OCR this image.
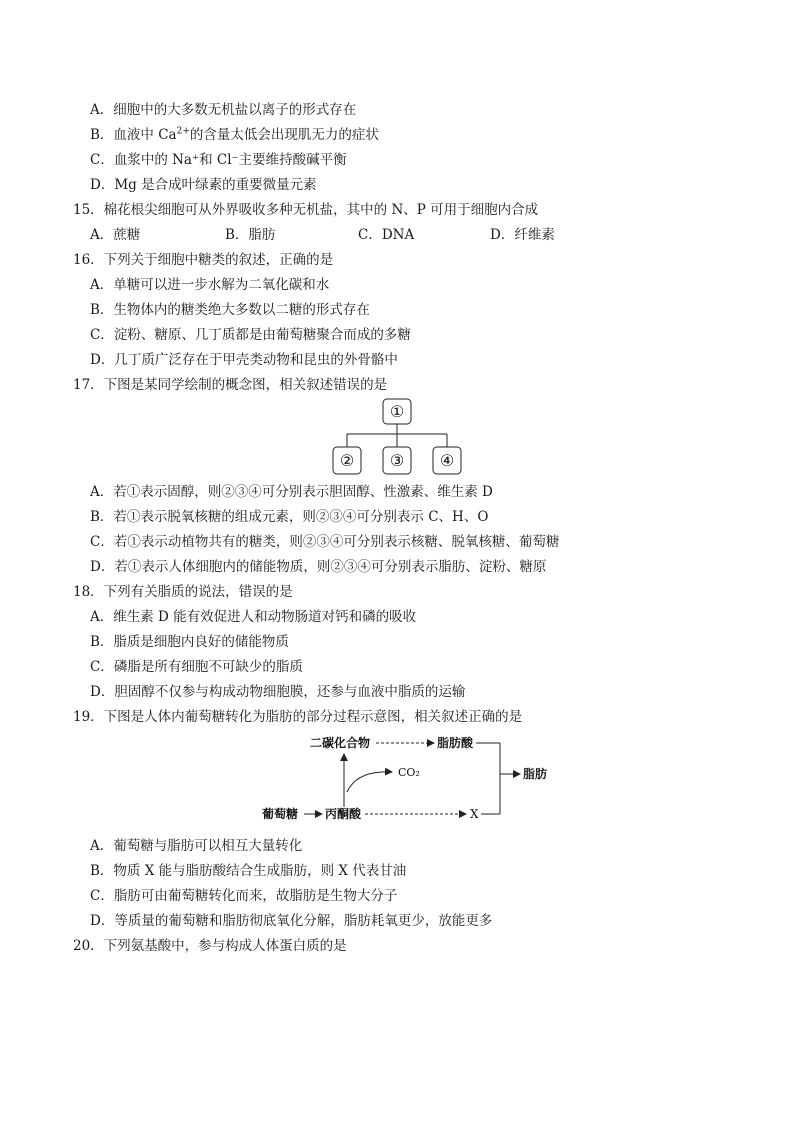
A．细胞中的大多数无机盐以离子的形式存在
B．血液中 $Ca^{2+}$的含量太低会出现肌无力的症状
C．血浆中的 Na⁺和 Cl⁻主要维持酸碱平衡
D．Mg 是合成叶绿素的重要微量元素
15．棉花根尖细胞可从外界吸收多种无机盐，其中的 N、P 可用于细胞内合成
A．蔗糖	B．脂肪	C．DNA	D．纤维素
16．下列关于细胞中糖类的叙述，正确的是
A．单糖可以进一步水解为二氧化碳和水
B．生物体内的糖类绝大多数以二糖的形式存在
C．淀粉、糖原、几丁质都是由葡萄糖聚合而成的多糖
D．几丁质广泛存在于甲壳类动物和昆虫的外骨骼中
17．下图是某同学绘制的概念图，相关叙述错误的是
①
② ③ ④
A．若①表示固醇，则②③④可分别表示胆固醇、性激素、维生素 D
B．若①表示脱氧核糖的组成元素，则②③④可分别表示 C、H、O
C．若①表示动植物共有的糖类，则②③④可分别表示核糖、脱氧核糖、葡萄糖
D．若①表示人体细胞内的储能物质，则②③④可分别表示脂肪、淀粉、糖原
18．下列有关脂质的说法，错误的是
A．维生素 D 能有效促进人和动物肠道对钙和磷的吸收
B．脂质是细胞内良好的储能物质
C．磷脂是所有细胞不可缺少的脂质
D．胆固醇不仅参与构成动物细胞膜，还参与血液中脂质的运输
19．下图是人体内葡萄糖转化为脂肪的部分过程示意图，相关叙述正确的是
二碳化合物	脂肪酸
脂肪
CO₂
葡萄糖 丙酮酸	X
A．葡萄糖与脂肪可以相互大量转化
B．物质 X 能与脂肪酸结合生成脂肪，则 X 代表甘油
C．脂肪可由葡萄糖转化而来，故脂肪是生物大分子
D．等质量的葡萄糖和脂肪彻底氧化分解，脂肪耗氧更少，放能更多
20．下列氨基酸中，参与构成人体蛋白质的是
